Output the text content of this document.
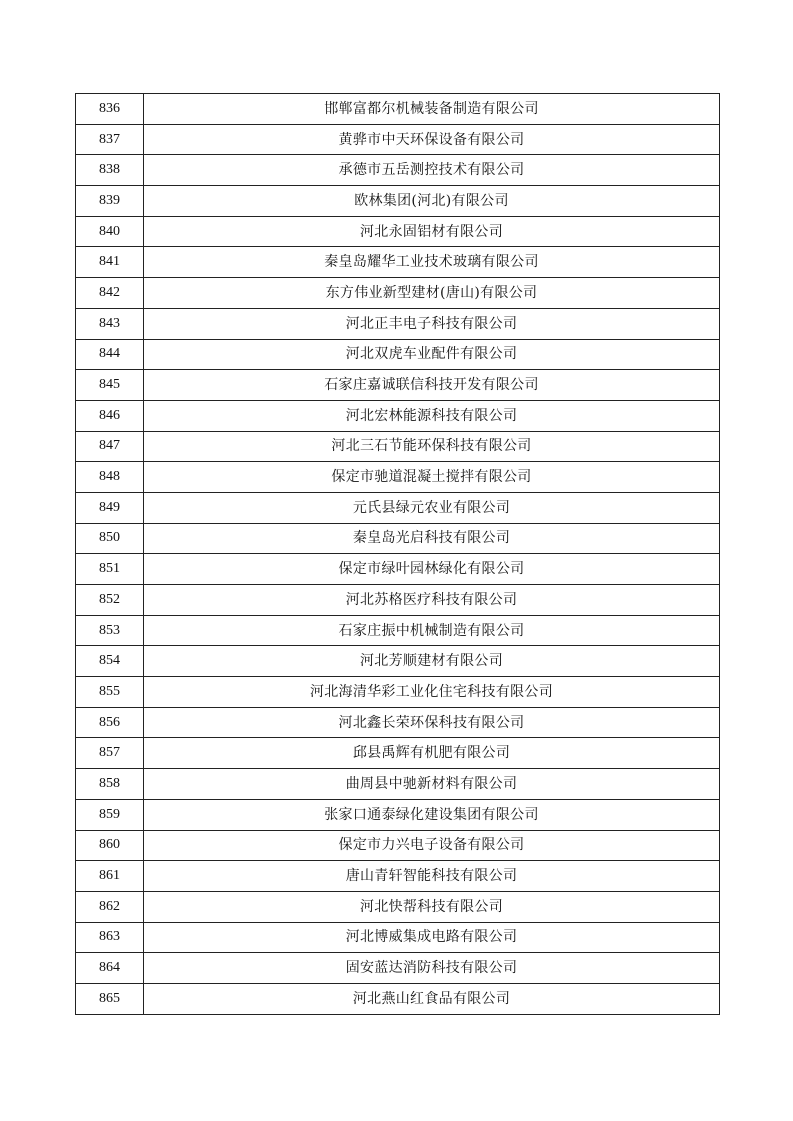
836	邯郸富都尔机械装备制造有限公司
837	黄骅市中天环保设备有限公司
838	承德市五岳测控技术有限公司
839	欧林集团(河北)有限公司
840	河北永固铝材有限公司
841	秦皇岛耀华工业技术玻璃有限公司
842	东方伟业新型建材(唐山)有限公司
843	河北正丰电子科技有限公司
844	河北双虎车业配件有限公司
845	石家庄嘉诚联信科技开发有限公司
846	河北宏林能源科技有限公司
847	河北三石节能环保科技有限公司
848	保定市驰道混凝土搅拌有限公司
849	元氏县绿元农业有限公司
850	秦皇岛光启科技有限公司
851	保定市绿叶园林绿化有限公司
852	河北苏格医疗科技有限公司
853	石家庄振中机械制造有限公司
854	河北芳顺建材有限公司
855	河北海清华彩工业化住宅科技有限公司
856	河北鑫长荣环保科技有限公司
857	邱县禹辉有机肥有限公司
858	曲周县中驰新材料有限公司
859	张家口通泰绿化建设集团有限公司
860	保定市力兴电子设备有限公司
861	唐山青轩智能科技有限公司
862	河北快帮科技有限公司
863	河北博威集成电路有限公司
864	固安蓝达消防科技有限公司
865	河北燕山红食品有限公司
